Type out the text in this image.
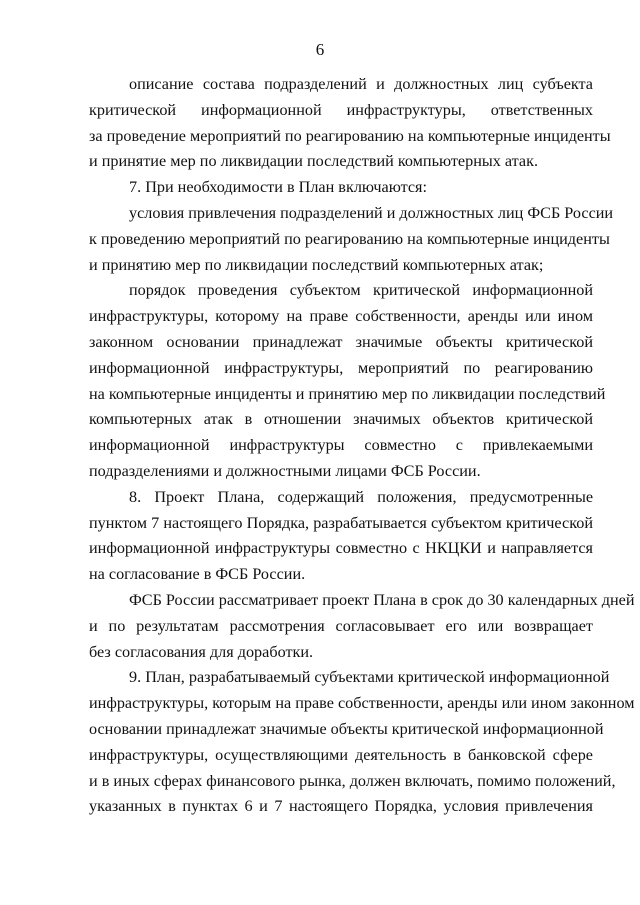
6
описание состава подразделений и должностных лиц субъекта
критической информационной инфраструктуры, ответственных
за проведение мероприятий по реагированию на компьютерные инциденты
и принятие мер по ликвидации последствий компьютерных атак.
7. При необходимости в План включаются:
условия привлечения подразделений и должностных лиц ФСБ России
к проведению мероприятий по реагированию на компьютерные инциденты
и принятию мер по ликвидации последствий компьютерных атак;
порядок проведения субъектом критической информационной
инфраструктуры, которому на праве собственности, аренды или ином
законном основании принадлежат значимые объекты критической
информационной инфраструктуры, мероприятий по реагированию
на компьютерные инциденты и принятию мер по ликвидации последствий
компьютерных атак в отношении значимых объектов критической
информационной инфраструктуры совместно с привлекаемыми
подразделениями и должностными лицами ФСБ России.
8. Проект Плана, содержащий положения, предусмотренные
пунктом 7 настоящего Порядка, разрабатывается субъектом критической
информационной инфраструктуры совместно с НКЦКИ и направляется
на согласование в ФСБ России.
ФСБ России рассматривает проект Плана в срок до 30 календарных дней
и по результатам рассмотрения согласовывает его или возвращает
без согласования для доработки.
9. План, разрабатываемый субъектами критической информационной
инфраструктуры, которым на праве собственности, аренды или ином законном
основании принадлежат значимые объекты критической информационной
инфраструктуры, осуществляющими деятельность в банковской сфере
и в иных сферах финансового рынка, должен включать, помимо положений,
указанных в пунктах 6 и 7 настоящего Порядка, условия привлечения
